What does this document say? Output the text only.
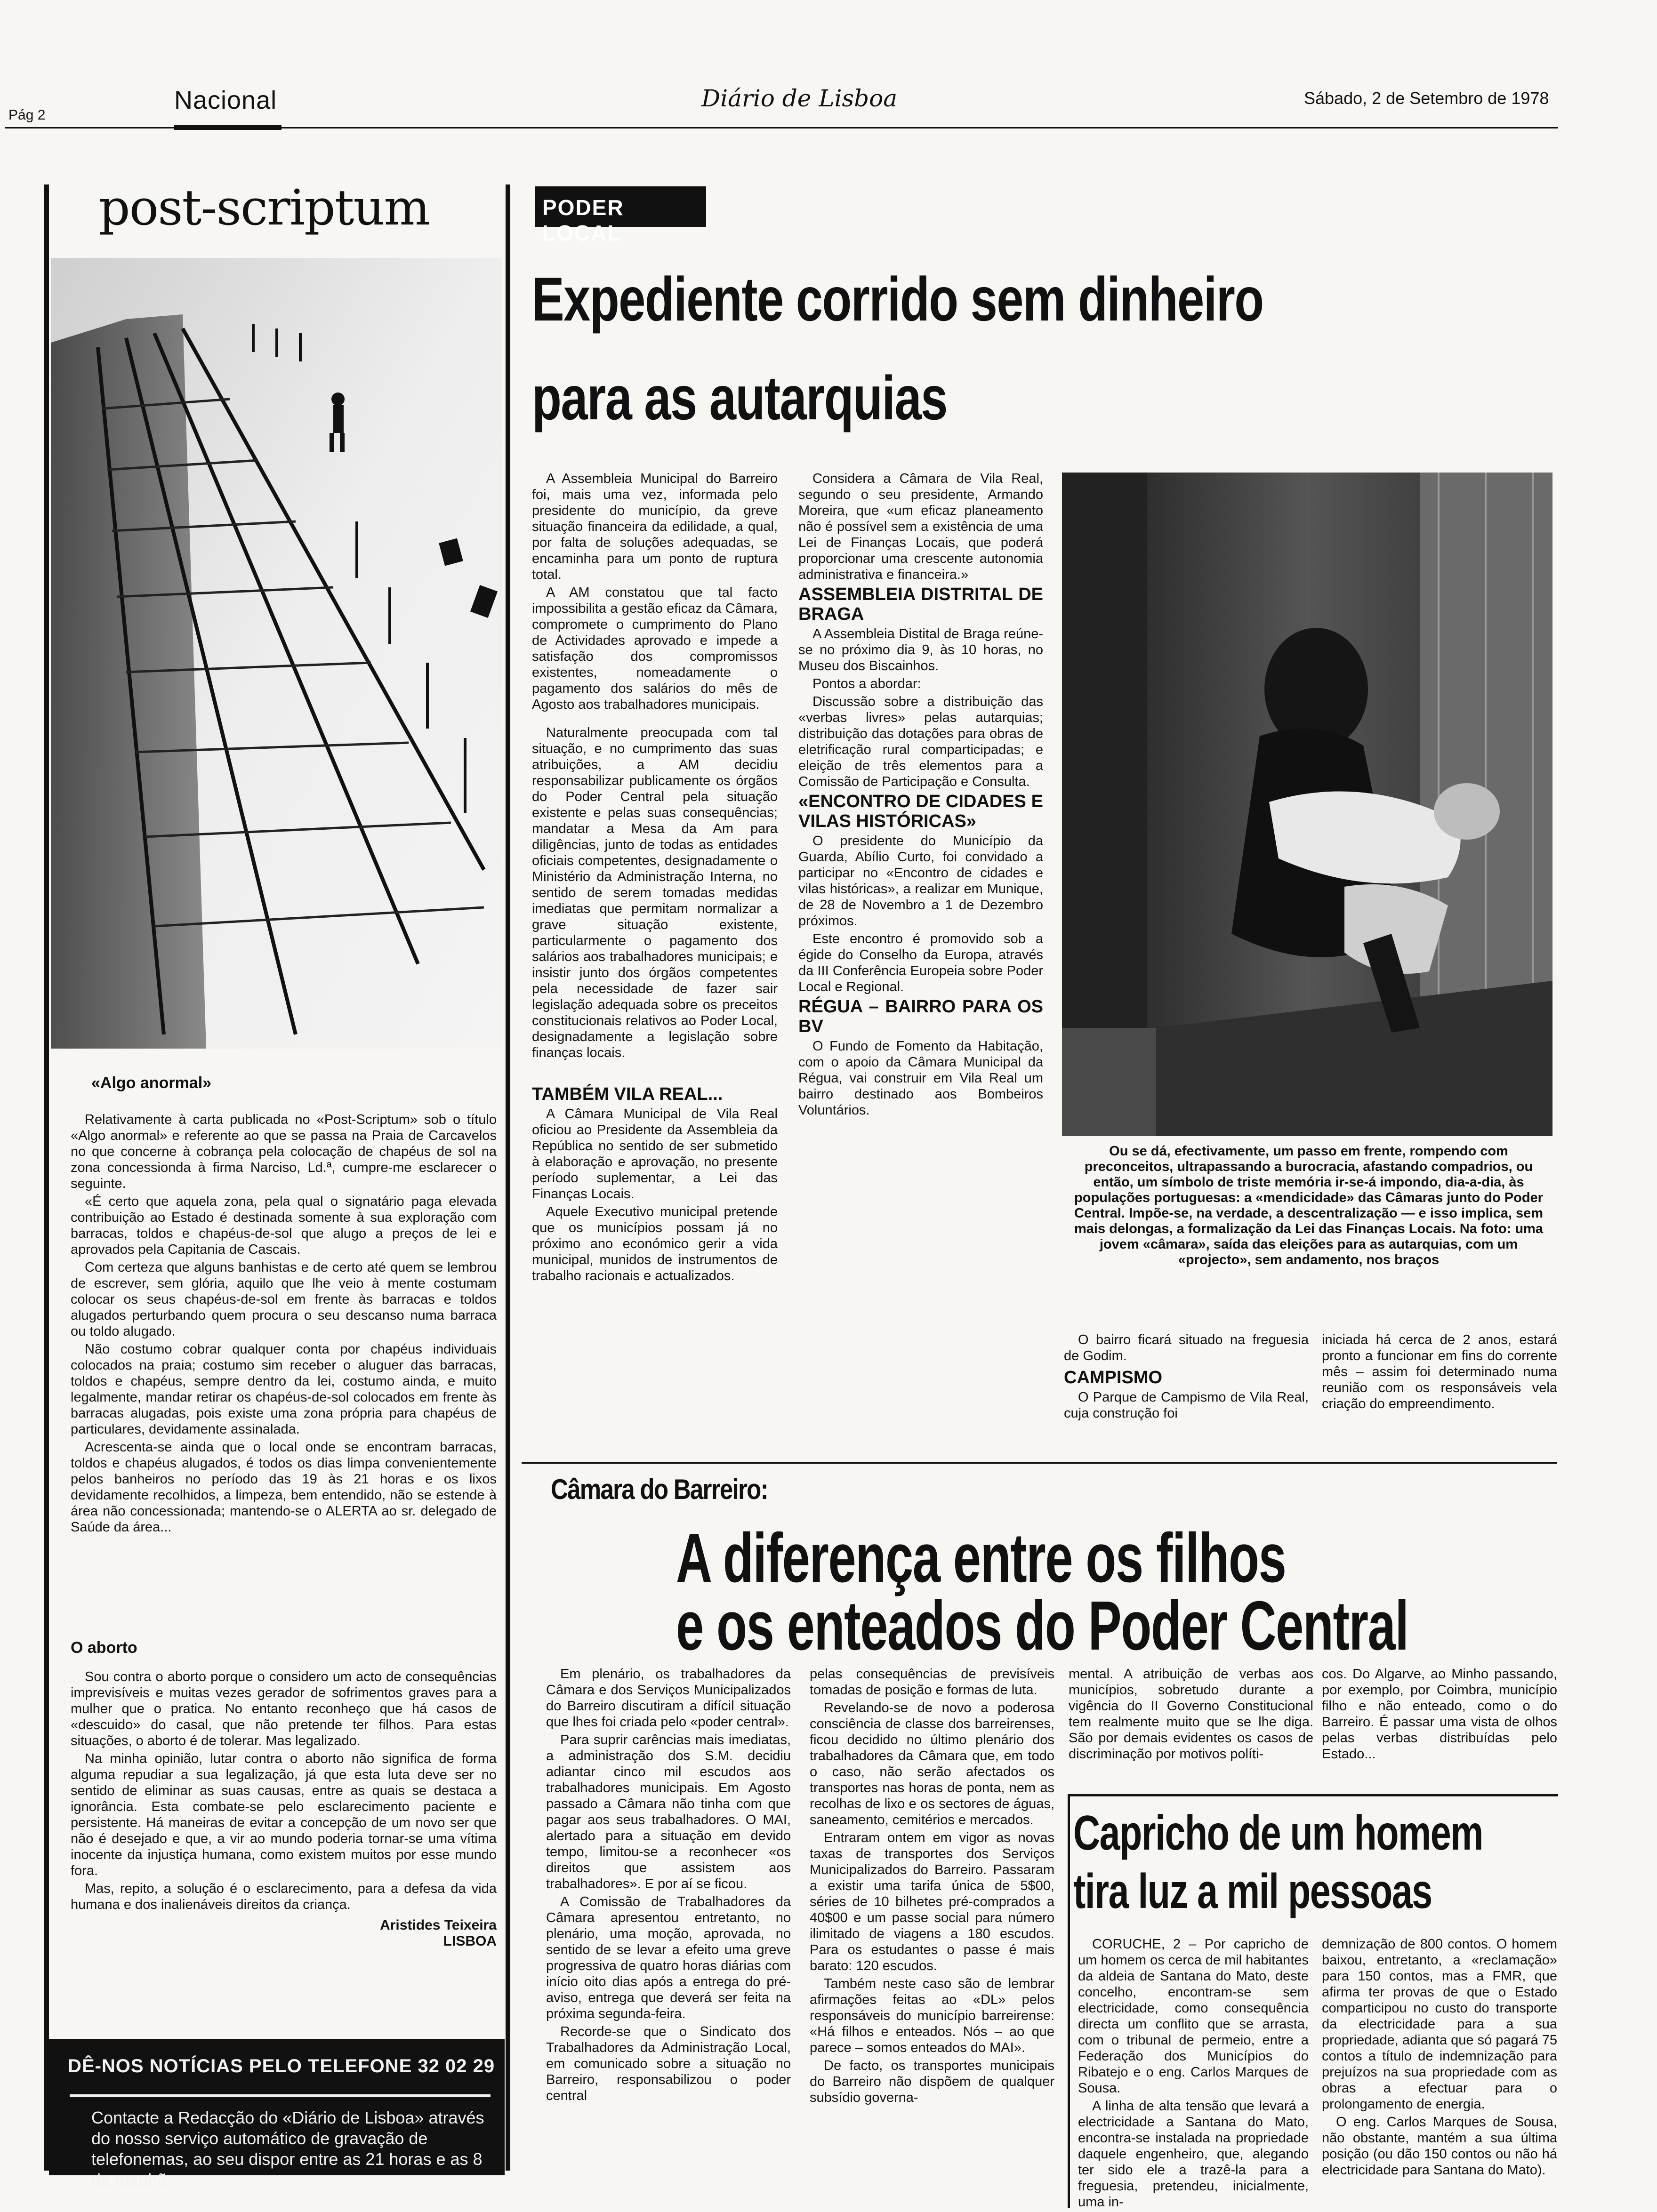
Pág 2
Nacional	Diário de Lisboa	Sábado, 2 de Setembro de 1978
post-scriptum

«Algo anormal»

Relativamente à carta publicada no «Post-Scriptum» sob o título «Algo anormal» e referente ao que se passa na Praia de Carcavelos no que concerne à cobrança pela colocação de chapéus de sol na zona concessionda à firma Narciso, Ld.ª, cumpre-me esclarecer o seguinte.

«É certo que aquela zona, pela qual o signatário paga elevada contribuição ao Estado é destinada somente à sua exploração com barracas, toldos e chapéus-de-sol que alugo a preços de lei e aprovados pela Capitania de Cascais.

Com certeza que alguns banhistas e de certo até quem se lembrou de escrever, sem glória, aquilo que lhe veio à mente costumam colocar os seus chapéus-de-sol em frente às barracas e toldos alugados perturbando quem procura o seu descanso numa barraca ou toldo alugado.

Não costumo cobrar qualquer conta por chapéus individuais colocados na praia; costumo sim receber o aluguer das barracas, toldos e chapéus, sempre dentro da lei, costumo ainda, e muito legalmente, mandar retirar os chapéus-de-sol colocados em frente às barracas alugadas, pois existe uma zona própria para chapéus de particulares, devidamente assinalada.

Acrescenta-se ainda que o local onde se encontram barracas, toldos e chapéus alugados, é todos os dias limpa convenientemente pelos banheiros no período das 19 às 21 horas e os lixos devidamente recolhidos, a limpeza, bem entendido, não se estende à área não concessionada; mantendo-se o ALERTA ao sr. delegado de Saúde da área...

O aborto

Sou contra o aborto porque o considero um acto de consequências imprevisíveis e muitas vezes gerador de sofrimentos graves para a mulher que o pratica. No entanto reconheço que há casos de «descuido» do casal, que não pretende ter filhos. Para estas situações, o aborto é de tolerar. Mas legalizado.

Na minha opinião, lutar contra o aborto não significa de forma alguma repudiar a sua legalização, já que esta luta deve ser no sentido de eliminar as suas causas, entre as quais se destaca a ignorância. Esta combate-se pelo esclarecimento paciente e persistente. Há maneiras de evitar a concepção de um novo ser que não é desejado e que, a vir ao mundo poderia tornar-se uma vítima inocente da injustiça humana, como existem muitos por esse mundo fora.

Mas, repito, a solução é o esclarecimento, para a defesa da vida humana e dos inalienáveis direitos da criança.

Aristides Teixeira
LISBOA
DÊ-NOS NOTÍCIAS PELO TELEFONE 32 02 29
Contacte a Redacção do «Diário de Lisboa» através do nosso serviço automático de gravação de telefonemas, ao seu dispor entre as 21 horas e as 8 da manhã.
PODER LOCAL
Expediente corrido sem dinheiro
para as autarquias

A Assembleia Municipal do Barreiro foi, mais uma vez, informada pelo presidente do município, da greve situação financeira da edilidade, a qual, por falta de soluções adequadas, se encaminha para um ponto de ruptura total.

A AM constatou que tal facto impossibilita a gestão eficaz da Câmara, compromete o cumprimento do Plano de Actividades aprovado e impede a satisfação dos compromissos existentes, nomeadamente o pagamento dos salários do mês de Agosto aos trabalhadores municipais.

Naturalmente preocupada com tal situação, e no cumprimento das suas atribuições, a AM decidiu responsabilizar publicamente os órgãos do Poder Central pela situação existente e pelas suas consequências; mandatar a Mesa da Am para diligências, junto de todas as entidades oficiais competentes, designadamente o Ministério da Administração Interna, no sentido de serem tomadas medidas imediatas que permitam normalizar a grave situação existente, particularmente o pagamento dos salários aos trabalhadores municipais; e insistir junto dos órgãos competentes pela necessidade de fazer sair legislação adequada sobre os preceitos constitucionais relativos ao Poder Local, designadamente a legislação sobre finanças locais.

TAMBÉM VILA REAL...

A Câmara Municipal de Vila Real oficiou ao Presidente da Assembleia da República no sentido de ser submetido à elaboração e aprovação, no presente período suplementar, a Lei das Finanças Locais.

Aquele Executivo municipal pretende que os municípios possam já no próximo ano económico gerir a vida municipal, munidos de instrumentos de trabalho racionais e actualizados.

Considera a Câmara de Vila Real, segundo o seu presidente, Armando Moreira, que «um eficaz planeamento não é possível sem a existência de uma Lei de Finanças Locais, que poderá proporcionar uma crescente autonomia administrativa e financeira.»

ASSEMBLEIA DISTRITAL DE BRAGA

A Assembleia Distital de Braga reúne-se no próximo dia 9, às 10 horas, no Museu dos Biscainhos.

Pontos a abordar:

Discussão sobre a distribuição das «verbas livres» pelas autarquias; distribuição das dotações para obras de eletrificação rural comparticipadas; e eleição de três elementos para a Comissão de Participação e Consulta.

«ENCONTRO DE CIDADES E VILAS HISTÓRICAS»

O presidente do Município da Guarda, Abílio Curto, foi convidado a participar no «Encontro de cidades e vilas históricas», a realizar em Munique, de 28 de Novembro a 1 de Dezembro próximos.

Este encontro é promovido sob a égide do Conselho da Europa, através da III Conferência Europeia sobre Poder Local e Regional.

RÉGUA – BAIRRO PARA OS BV

O Fundo de Fomento da Habitação, com o apoio da Câmara Municipal da Régua, vai construir em Vila Real um bairro destinado aos Bombeiros Voluntários.

Ou se dá, efectivamente, um passo em frente, rompendo com preconceitos, ultrapassando a burocracia, afastando compadrios, ou então, um símbolo de triste memória ir-se-á impondo, dia-a-dia, às populações portuguesas: a «mendicidade» das Câmaras junto do Poder Central. Impõe-se, na verdade, a descentralização — e isso implica, sem mais delongas, a formalização da Lei das Finanças Locais. Na foto: uma jovem «câmara», saída das eleições para as autarquias, com um «projecto», sem andamento, nos braços

O bairro ficará situado na freguesia de Godim.

CAMPISMO

O Parque de Campismo de Vila Real, cuja construção foi

iniciada há cerca de 2 anos, estará pronto a funcionar em fins do corrente mês – assim foi determinado numa reunião com os responsáveis vela criação do empreendimento.

Câmara do Barreiro:
A diferença entre os filhos
e os enteados do Poder Central

Em plenário, os trabalhadores da Câmara e dos Serviços Municipalizados do Barreiro discutiram a difícil situação que lhes foi criada pelo «poder central».

Para suprir carências mais imediatas, a administração dos S.M. decidiu adiantar cinco mil escudos aos trabalhadores municipais. Em Agosto passado a Câmara não tinha com que pagar aos seus trabalhadores. O MAI, alertado para a situação em devido tempo, limitou-se a reconhecer «os direitos que assistem aos trabalhadores». E por aí se ficou.

A Comissão de Trabalhadores da Câmara apresentou entretanto, no plenário, uma moção, aprovada, no sentido de se levar a efeito uma greve progressiva de quatro horas diárias com início oito dias após a entrega do pré-aviso, entrega que deverá ser feita na próxima segunda-feira.

Recorde-se que o Sindicato dos Trabalhadores da Administração Local, em comunicado sobre a situação no Barreiro, responsabilizou o poder central

pelas consequências de previsíveis tomadas de posição e formas de luta.

Revelando-se de novo a poderosa consciência de classe dos barreirenses, ficou decidido no último plenário dos trabalhadores da Câmara que, em todo o caso, não serão afectados os transportes nas horas de ponta, nem as recolhas de lixo e os sectores de águas, saneamento, cemitérios e mercados.

Entraram ontem em vigor as novas taxas de transportes dos Serviços Municipalizados do Barreiro. Passaram a existir uma tarifa única de 5$00, séries de 10 bilhetes pré-comprados a 40$00 e um passe social para número ilimitado de viagens a 180 escudos. Para os estudantes o passe é mais barato: 120 escudos.

Também neste caso são de lembrar afirmações feitas ao «DL» pelos responsáveis do município barreirense: «Há filhos e enteados. Nós – ao que parece – somos enteados do MAI».

De facto, os transportes municipais do Barreiro não dispõem de qualquer subsídio governa-

mental. A atribuição de verbas aos municípios, sobretudo durante a vigência do II Governo Constitucional tem realmente muito que se lhe diga. São por demais evidentes os casos de discriminação por motivos políti-

cos. Do Algarve, ao Minho passando, por exemplo, por Coimbra, município filho e não enteado, como o do Barreiro. É passar uma vista de olhos pelas verbas distribuídas pelo Estado...

Capricho de um homem
tira luz a mil pessoas

CORUCHE, 2 – Por capricho de um homem os cerca de mil habitantes da aldeia de Santana do Mato, deste concelho, encontram-se sem electricidade, como consequência directa um conflito que se arrasta, com o tribunal de permeio, entre a Federação dos Municípios do Ribatejo e o eng. Carlos Marques de Sousa.

A linha de alta tensão que levará a electricidade a Santana do Mato, encontra-se instalada na propriedade daquele engenheiro, que, alegando ter sido ele a trazê-la para a freguesia, pretendeu, inicialmente, uma in-

demnização de 800 contos. O homem baixou, entretanto, a «reclamação» para 150 contos, mas a FMR, que afirma ter provas de que o Estado comparticipou no custo do transporte da electricidade para a sua propriedade, adianta que só pagará 75 contos a título de indemnização para prejuízos na sua propriedade com as obras a efectuar para o prolongamento de energia.

O eng. Carlos Marques de Sousa, não obstante, mantém a sua última posição (ou dão 150 contos ou não há electricidade para Santana do Mato).
